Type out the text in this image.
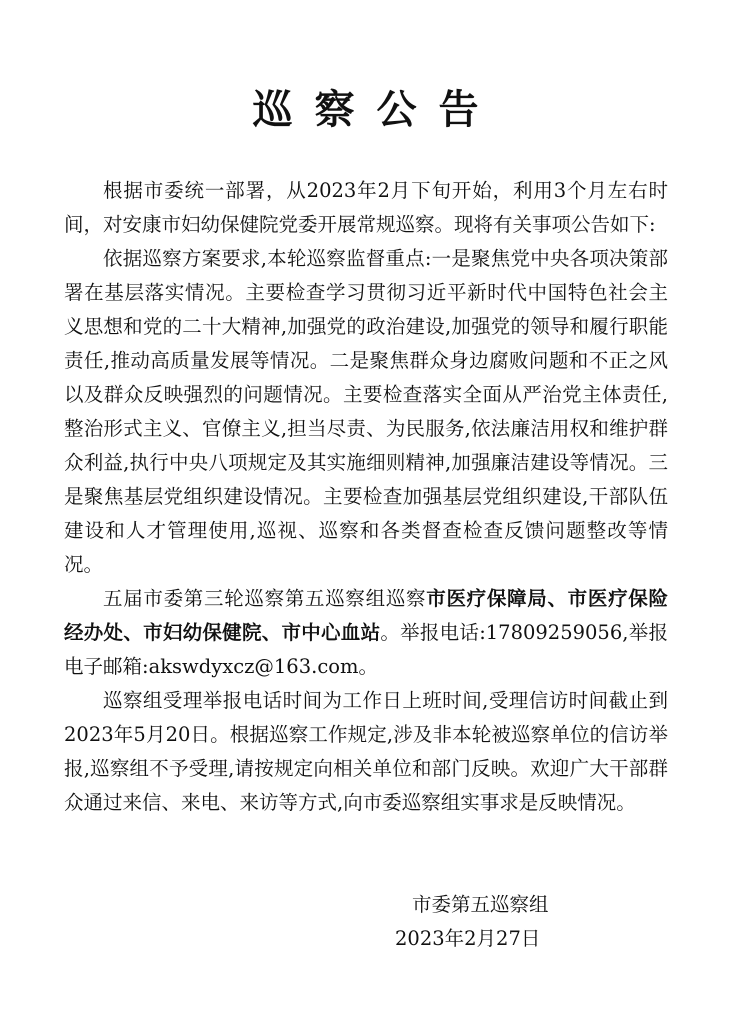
巡察公告

根据市委统一部署，从2023年2月下旬开始，利用3个月左右时间，对安康市妇幼保健院党委开展常规巡察。现将有关事项公告如下:

依据巡察方案要求,本轮巡察监督重点:一是聚焦党中央各项决策部署在基层落实情况。主要检查学习贯彻习近平新时代中国特色社会主义思想和党的二十大精神,加强党的政治建设,加强党的领导和履行职能责任,推动高质量发展等情况。二是聚焦群众身边腐败问题和不正之风以及群众反映强烈的问题情况。主要检查落实全面从严治党主体责任,整治形式主义、官僚主义,担当尽责、为民服务,依法廉洁用权和维护群众利益,执行中央八项规定及其实施细则精神,加强廉洁建设等情况。三是聚焦基层党组织建设情况。主要检查加强基层党组织建设,干部队伍建设和人才管理使用,巡视、巡察和各类督查检查反馈问题整改等情况。

五届市委第三轮巡察第五巡察组巡察市医疗保障局、市医疗保险经办处、市妇幼保健院、市中心血站。举报电话:17809259056,举报电子邮箱:akswdyxcz@163.com。

巡察组受理举报电话时间为工作日上班时间,受理信访时间截止到2023年5月20日。根据巡察工作规定,涉及非本轮被巡察单位的信访举报,巡察组不予受理,请按规定向相关单位和部门反映。欢迎广大干部群众通过来信、来电、来访等方式,向市委巡察组实事求是反映情况。

市委第五巡察组
2023年2月27日
